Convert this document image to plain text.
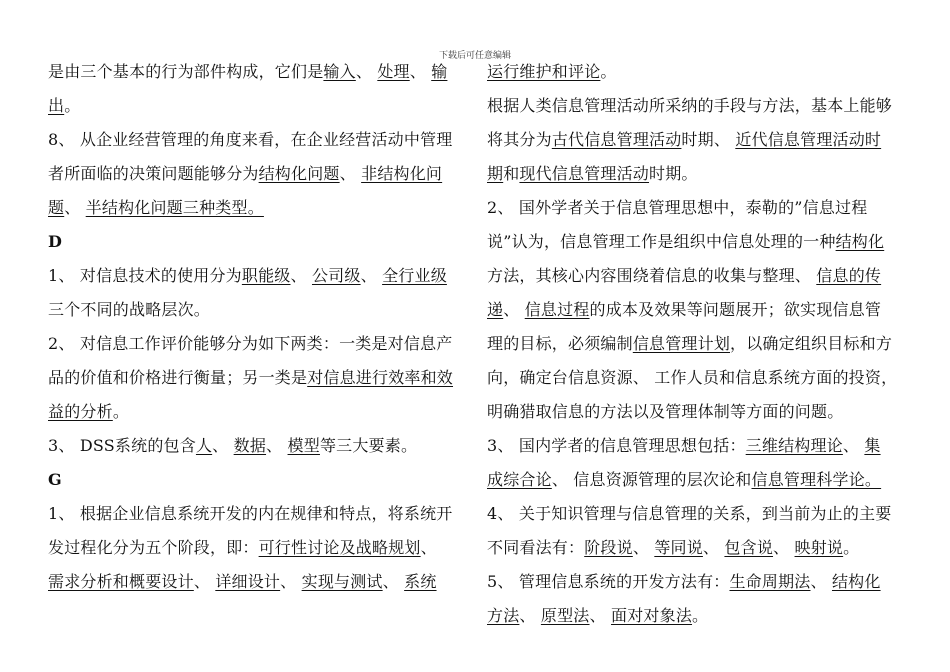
下载后可任意编辑
是由三个基本的行为部件构成，它们是输入、 处理、 输
出。
8、 从企业经营管理的角度来看，在企业经营活动中管理
者所面临的决策问题能够分为结构化问题、 非结构化问
题、 半结构化问题三种类型。
D
1、 对信息技术的使用分为职能级、 公司级、 全行业级
三个不同的战略层次。
2、 对信息工作评价能够分为如下两类：一类是对信息产
品的价值和价格进行衡量；另一类是对信息进行效率和效
益的分析。
3、 DSS系统的包含人、 数据、 模型等三大要素。
G
1、 根据企业信息系统开发的内在规律和特点，将系统开
发过程化分为五个阶段，即：可行性讨论及战略规划、
需求分析和概要设计、 详细设计、 实现与测试、 系统
运行维护和评论。
根据人类信息管理活动所采纳的手段与方法，基本上能够
将其分为古代信息管理活动时期、 近代信息管理活动时
期和现代信息管理活动时期。
2、 国外学者关于信息管理思想中，泰勒的”信息过程
说”认为，信息管理工作是组织中信息处理的一种结构化
方法，其核心内容围绕着信息的收集与整理、 信息的传
递、 信息过程的成本及效果等问题展开；欲实现信息管
理的目标，必须编制信息管理计划，以确定组织目标和方
向，确定台信息资源、 工作人员和信息系统方面的投资，
明确猎取信息的方法以及管理体制等方面的问题。
3、 国内学者的信息管理思想包括：三维结构理论、 集
成综合论、 信息资源管理的层次论和信息管理科学论。
4、 关于知识管理与信息管理的关系，到当前为止的主要
不同看法有：阶段说、 等同说、 包含说、 映射说。
5、 管理信息系统的开发方法有：生命周期法、 结构化
方法、 原型法、 面对对象法。
